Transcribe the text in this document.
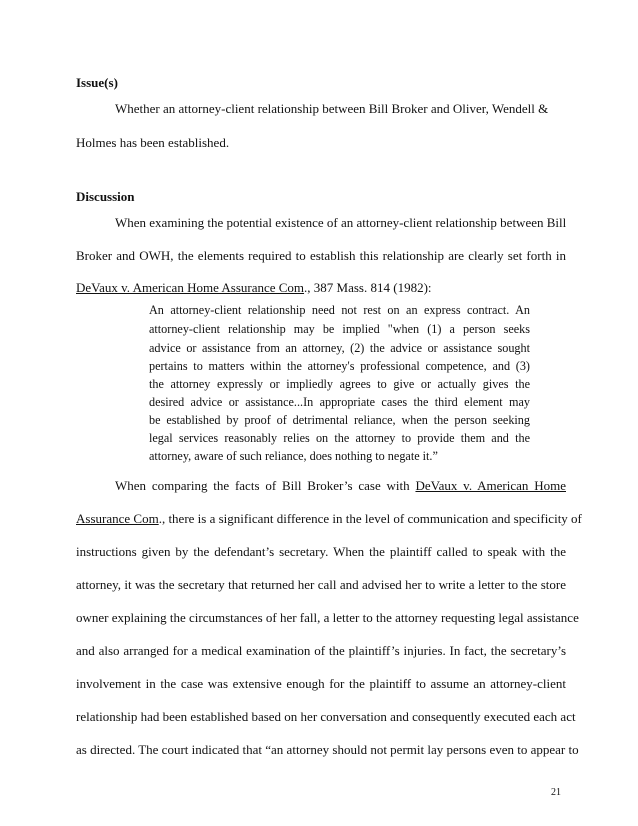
Issue(s)
Whether an attorney-client relationship between Bill Broker and Oliver, Wendell &
Holmes has been established.
Discussion
When examining the potential existence of an attorney-client relationship between Bill
Broker and OWH, the elements required to establish this relationship are clearly set forth in
DeVaux v. American Home Assurance Com., 387 Mass. 814 (1982):
An attorney-client relationship need not rest on an express contract. An
attorney-client relationship may be implied "when (1) a person seeks
advice or assistance from an attorney, (2) the advice or assistance sought
pertains to matters within the attorney's professional competence, and (3)
the attorney expressly or impliedly agrees to give or actually gives the
desired advice or assistance...In appropriate cases the third element may
be established by proof of detrimental reliance, when the person seeking
legal services reasonably relies on the attorney to provide them and the
attorney, aware of such reliance, does nothing to negate it.”
When comparing the facts of Bill Broker’s case with DeVaux v. American Home
Assurance Com., there is a significant difference in the level of communication and specificity of
instructions given by the defendant’s secretary. When the plaintiff called to speak with the
attorney, it was the secretary that returned her call and advised her to write a letter to the store
owner explaining the circumstances of her fall, a letter to the attorney requesting legal assistance
and also arranged for a medical examination of the plaintiff’s injuries. In fact, the secretary’s
involvement in the case was extensive enough for the plaintiff to assume an attorney-client
relationship had been established based on her conversation and consequently executed each act
as directed. The court indicated that “an attorney should not permit lay persons even to appear to
21
